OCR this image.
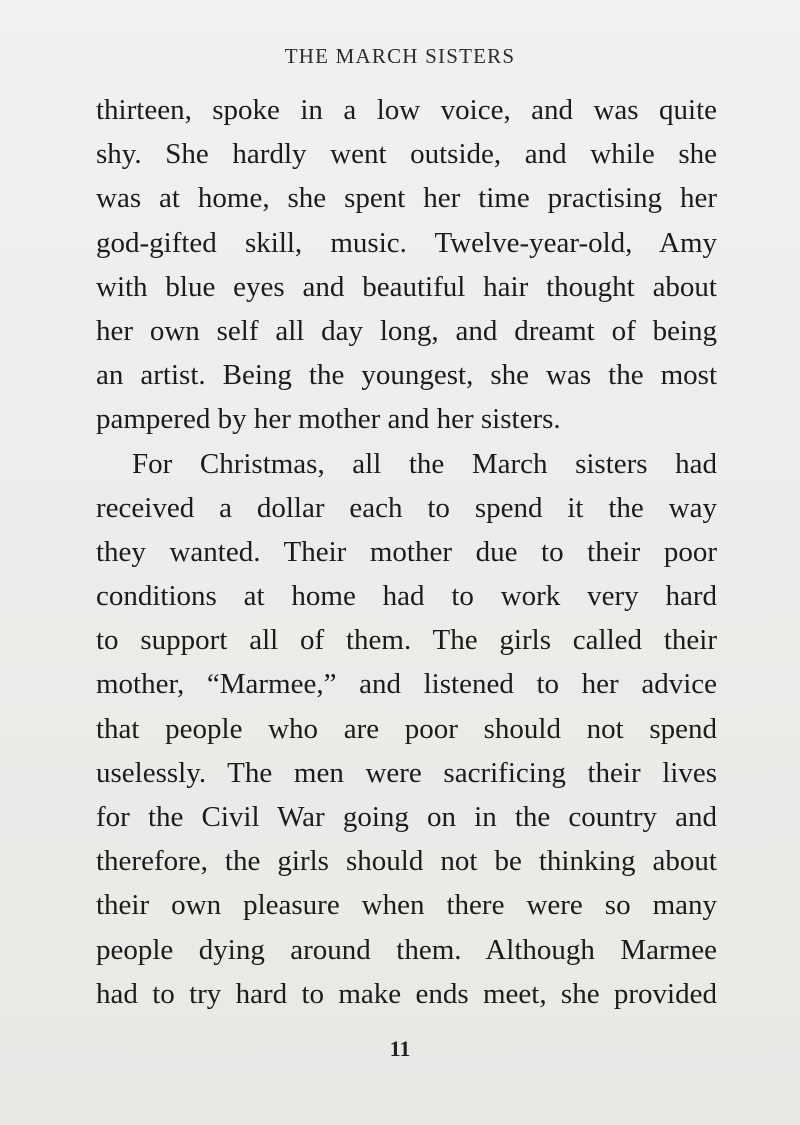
THE MARCH SISTERS
thirteen, spoke in a low voice, and was quite
shy. She hardly went outside, and while she
was at home, she spent her time practising her
god-gifted skill, music. Twelve-year-old, Amy
with blue eyes and beautiful hair thought about
her own self all day long, and dreamt of being
an artist. Being the youngest, she was the most
pampered by her mother and her sisters.
For Christmas, all the March sisters had
received a dollar each to spend it the way
they wanted. Their mother due to their poor
conditions at home had to work very hard
to support all of them. The girls called their
mother, “Marmee,” and listened to her advice
that people who are poor should not spend
uselessly. The men were sacrificing their lives
for the Civil War going on in the country and
therefore, the girls should not be thinking about
their own pleasure when there were so many
people dying around them. Although Marmee
had to try hard to make ends meet, she provided
11
